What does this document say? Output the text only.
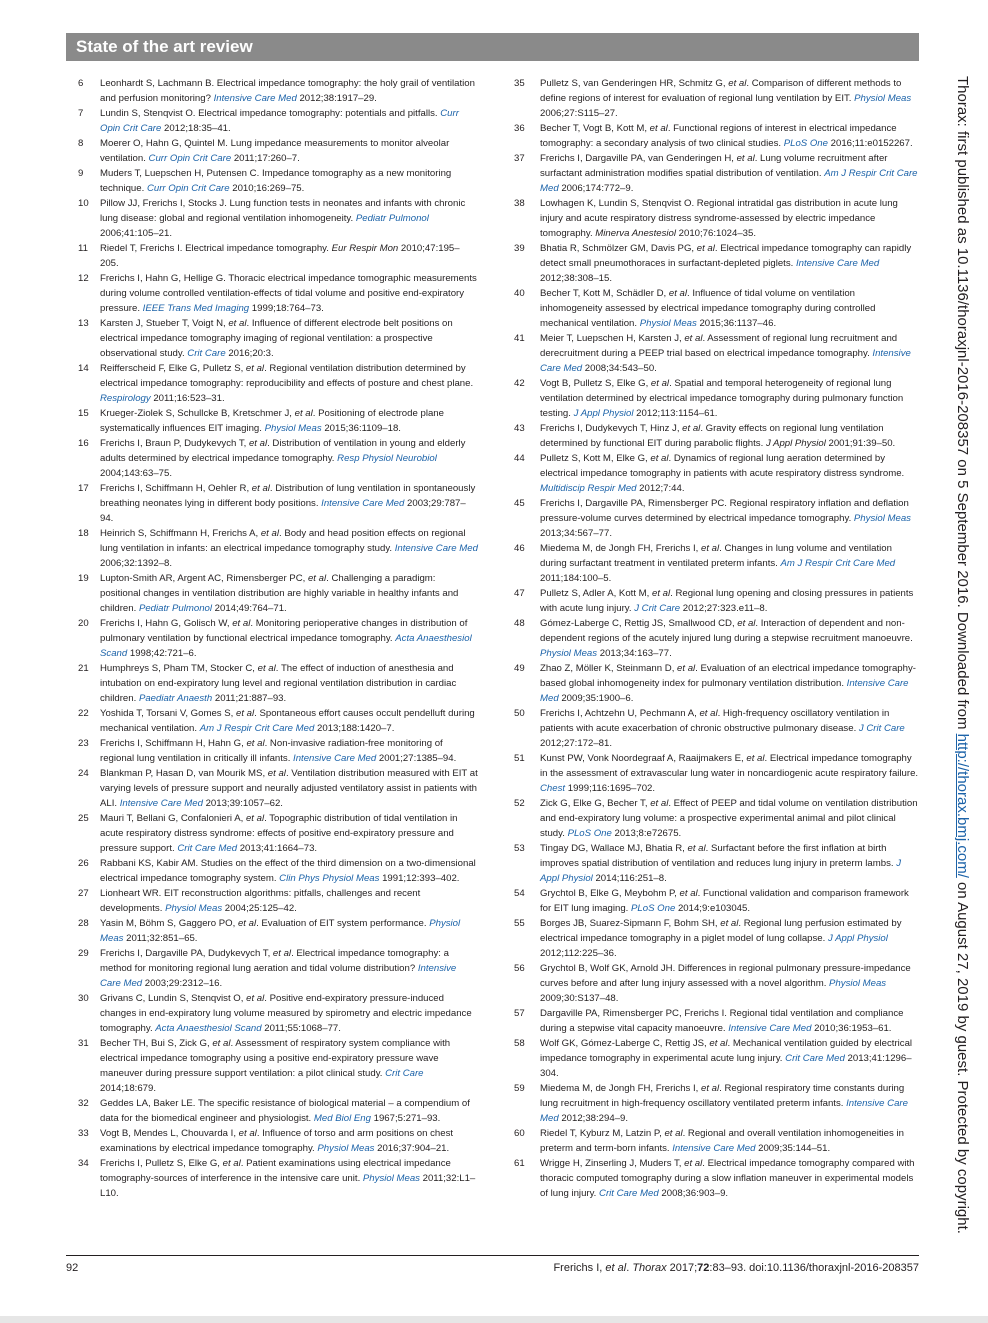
State of the art review
6	Leonhardt S, Lachmann B. Electrical impedance tomography: the holy grail of ventilation and perfusion monitoring? Intensive Care Med 2012;38:1917–29.
7	Lundin S, Stenqvist O. Electrical impedance tomography: potentials and pitfalls. Curr Opin Crit Care 2012;18:35–41.
8	Moerer O, Hahn G, Quintel M. Lung impedance measurements to monitor alveolar ventilation. Curr Opin Crit Care 2011;17:260–7.
9	Muders T, Luepschen H, Putensen C. Impedance tomography as a new monitoring technique. Curr Opin Crit Care 2010;16:269–75.
10	Pillow JJ, Frerichs I, Stocks J. Lung function tests in neonates and infants with chronic lung disease: global and regional ventilation inhomogeneity. Pediatr Pulmonol 2006;41:105–21.
11	Riedel T, Frerichs I. Electrical impedance tomography. Eur Respir Mon 2010;47:195–205.
12	Frerichs I, Hahn G, Hellige G. Thoracic electrical impedance tomographic measurements during volume controlled ventilation-effects of tidal volume and positive end-expiratory pressure. IEEE Trans Med Imaging 1999;18:764–73.
13	Karsten J, Stueber T, Voigt N, et al. Influence of different electrode belt positions on electrical impedance tomography imaging of regional ventilation: a prospective observational study. Crit Care 2016;20:3.
14	Reifferscheid F, Elke G, Pulletz S, et al. Regional ventilation distribution determined by electrical impedance tomography: reproducibility and effects of posture and chest plane. Respirology 2011;16:523–31.
15	Krueger-Ziolek S, Schullcke B, Kretschmer J, et al. Positioning of electrode plane systematically influences EIT imaging. Physiol Meas 2015;36:1109–18.
16	Frerichs I, Braun P, Dudykevych T, et al. Distribution of ventilation in young and elderly adults determined by electrical impedance tomography. Resp Physiol Neurobiol 2004;143:63–75.
17	Frerichs I, Schiffmann H, Oehler R, et al. Distribution of lung ventilation in spontaneously breathing neonates lying in different body positions. Intensive Care Med 2003;29:787–94.
18	Heinrich S, Schiffmann H, Frerichs A, et al. Body and head position effects on regional lung ventilation in infants: an electrical impedance tomography study. Intensive Care Med 2006;32:1392–8.
19	Lupton-Smith AR, Argent AC, Rimensberger PC, et al. Challenging a paradigm: positional changes in ventilation distribution are highly variable in healthy infants and children. Pediatr Pulmonol 2014;49:764–71.
20	Frerichs I, Hahn G, Golisch W, et al. Monitoring perioperative changes in distribution of pulmonary ventilation by functional electrical impedance tomography. Acta Anaesthesiol Scand 1998;42:721–6.
21	Humphreys S, Pham TM, Stocker C, et al. The effect of induction of anesthesia and intubation on end-expiratory lung level and regional ventilation distribution in cardiac children. Paediatr Anaesth 2011;21:887–93.
22	Yoshida T, Torsani V, Gomes S, et al. Spontaneous effort causes occult pendelluft during mechanical ventilation. Am J Respir Crit Care Med 2013;188:1420–7.
23	Frerichs I, Schiffmann H, Hahn G, et al. Non-invasive radiation-free monitoring of regional lung ventilation in critically ill infants. Intensive Care Med 2001;27:1385–94.
24	Blankman P, Hasan D, van Mourik MS, et al. Ventilation distribution measured with EIT at varying levels of pressure support and neurally adjusted ventilatory assist in patients with ALI. Intensive Care Med 2013;39:1057–62.
25	Mauri T, Bellani G, Confalonieri A, et al. Topographic distribution of tidal ventilation in acute respiratory distress syndrome: effects of positive end-expiratory pressure and pressure support. Crit Care Med 2013;41:1664–73.
26	Rabbani KS, Kabir AM. Studies on the effect of the third dimension on a two-dimensional electrical impedance tomography system. Clin Phys Physiol Meas 1991;12:393–402.
27	Lionheart WR. EIT reconstruction algorithms: pitfalls, challenges and recent developments. Physiol Meas 2004;25:125–42.
28	Yasin M, Böhm S, Gaggero PO, et al. Evaluation of EIT system performance. Physiol Meas 2011;32:851–65.
29	Frerichs I, Dargaville PA, Dudykevych T, et al. Electrical impedance tomography: a method for monitoring regional lung aeration and tidal volume distribution? Intensive Care Med 2003;29:2312–16.
30	Grivans C, Lundin S, Stenqvist O, et al. Positive end-expiratory pressure-induced changes in end-expiratory lung volume measured by spirometry and electric impedance tomography. Acta Anaesthesiol Scand 2011;55:1068–77.
31	Becher TH, Bui S, Zick G, et al. Assessment of respiratory system compliance with electrical impedance tomography using a positive end-expiratory pressure wave maneuver during pressure support ventilation: a pilot clinical study. Crit Care 2014;18:679.
32	Geddes LA, Baker LE. The specific resistance of biological material – a compendium of data for the biomedical engineer and physiologist. Med Biol Eng 1967;5:271–93.
33	Vogt B, Mendes L, Chouvarda I, et al. Influence of torso and arm positions on chest examinations by electrical impedance tomography. Physiol Meas 2016;37:904–21.
34	Frerichs I, Pulletz S, Elke G, et al. Patient examinations using electrical impedance tomography-sources of interference in the intensive care unit. Physiol Meas 2011;32:L1–L10.
35	Pulletz S, van Genderingen HR, Schmitz G, et al. Comparison of different methods to define regions of interest for evaluation of regional lung ventilation by EIT. Physiol Meas 2006;27:S115–27.
36	Becher T, Vogt B, Kott M, et al. Functional regions of interest in electrical impedance tomography: a secondary analysis of two clinical studies. PLoS One 2016;11:e0152267.
37	Frerichs I, Dargaville PA, van Genderingen H, et al. Lung volume recruitment after surfactant administration modifies spatial distribution of ventilation. Am J Respir Crit Care Med 2006;174:772–9.
38	Lowhagen K, Lundin S, Stenqvist O. Regional intratidal gas distribution in acute lung injury and acute respiratory distress syndrome-assessed by electric impedance tomography. Minerva Anestesiol 2010;76:1024–35.
39	Bhatia R, Schmölzer GM, Davis PG, et al. Electrical impedance tomography can rapidly detect small pneumothoraces in surfactant-depleted piglets. Intensive Care Med 2012;38:308–15.
40	Becher T, Kott M, Schädler D, et al. Influence of tidal volume on ventilation inhomogeneity assessed by electrical impedance tomography during controlled mechanical ventilation. Physiol Meas 2015;36:1137–46.
41	Meier T, Luepschen H, Karsten J, et al. Assessment of regional lung recruitment and derecruitment during a PEEP trial based on electrical impedance tomography. Intensive Care Med 2008;34:543–50.
42	Vogt B, Pulletz S, Elke G, et al. Spatial and temporal heterogeneity of regional lung ventilation determined by electrical impedance tomography during pulmonary function testing. J Appl Physiol 2012;113:1154–61.
43	Frerichs I, Dudykevych T, Hinz J, et al. Gravity effects on regional lung ventilation determined by functional EIT during parabolic flights. J Appl Physiol 2001;91:39–50.
44	Pulletz S, Kott M, Elke G, et al. Dynamics of regional lung aeration determined by electrical impedance tomography in patients with acute respiratory distress syndrome. Multidiscip Respir Med 2012;7:44.
45	Frerichs I, Dargaville PA, Rimensberger PC. Regional respiratory inflation and deflation pressure-volume curves determined by electrical impedance tomography. Physiol Meas 2013;34:567–77.
46	Miedema M, de Jongh FH, Frerichs I, et al. Changes in lung volume and ventilation during surfactant treatment in ventilated preterm infants. Am J Respir Crit Care Med 2011;184:100–5.
47	Pulletz S, Adler A, Kott M, et al. Regional lung opening and closing pressures in patients with acute lung injury. J Crit Care 2012;27:323.e11–8.
48	Gómez-Laberge C, Rettig JS, Smallwood CD, et al. Interaction of dependent and non-dependent regions of the acutely injured lung during a stepwise recruitment manoeuvre. Physiol Meas 2013;34:163–77.
49	Zhao Z, Möller K, Steinmann D, et al. Evaluation of an electrical impedance tomography-based global inhomogeneity index for pulmonary ventilation distribution. Intensive Care Med 2009;35:1900–6.
50	Frerichs I, Achtzehn U, Pechmann A, et al. High-frequency oscillatory ventilation in patients with acute exacerbation of chronic obstructive pulmonary disease. J Crit Care 2012;27:172–81.
51	Kunst PW, Vonk Noordegraaf A, Raaijmakers E, et al. Electrical impedance tomography in the assessment of extravascular lung water in noncardiogenic acute respiratory failure. Chest 1999;116:1695–702.
52	Zick G, Elke G, Becher T, et al. Effect of PEEP and tidal volume on ventilation distribution and end-expiratory lung volume: a prospective experimental animal and pilot clinical study. PLoS One 2013;8:e72675.
53	Tingay DG, Wallace MJ, Bhatia R, et al. Surfactant before the first inflation at birth improves spatial distribution of ventilation and reduces lung injury in preterm lambs. J Appl Physiol 2014;116:251–8.
54	Grychtol B, Elke G, Meybohm P, et al. Functional validation and comparison framework for EIT lung imaging. PLoS One 2014;9:e103045.
55	Borges JB, Suarez-Sipmann F, Bohm SH, et al. Regional lung perfusion estimated by electrical impedance tomography in a piglet model of lung collapse. J Appl Physiol 2012;112:225–36.
56	Grychtol B, Wolf GK, Arnold JH. Differences in regional pulmonary pressure-impedance curves before and after lung injury assessed with a novel algorithm. Physiol Meas 2009;30:S137–48.
57	Dargaville PA, Rimensberger PC, Frerichs I. Regional tidal ventilation and compliance during a stepwise vital capacity manoeuvre. Intensive Care Med 2010;36:1953–61.
58	Wolf GK, Gómez-Laberge C, Rettig JS, et al. Mechanical ventilation guided by electrical impedance tomography in experimental acute lung injury. Crit Care Med 2013;41:1296–304.
59	Miedema M, de Jongh FH, Frerichs I, et al. Regional respiratory time constants during lung recruitment in high-frequency oscillatory ventilated preterm infants. Intensive Care Med 2012;38:294–9.
60	Riedel T, Kyburz M, Latzin P, et al. Regional and overall ventilation inhomogeneities in preterm and term-born infants. Intensive Care Med 2009;35:144–51.
61	Wrigge H, Zinserling J, Muders T, et al. Electrical impedance tomography compared with thoracic computed tomography during a slow inflation maneuver in experimental models of lung injury. Crit Care Med 2008;36:903–9.
Thorax: first published as 10.1136/thoraxjnl-2016-208357 on 5 September 2016. Downloaded from http://thorax.bmj.com/ on August 27, 2019 by guest. Protected by copyright.
92	Frerichs I, et al. Thorax 2017;72:83–93. doi:10.1136/thoraxjnl-2016-208357
